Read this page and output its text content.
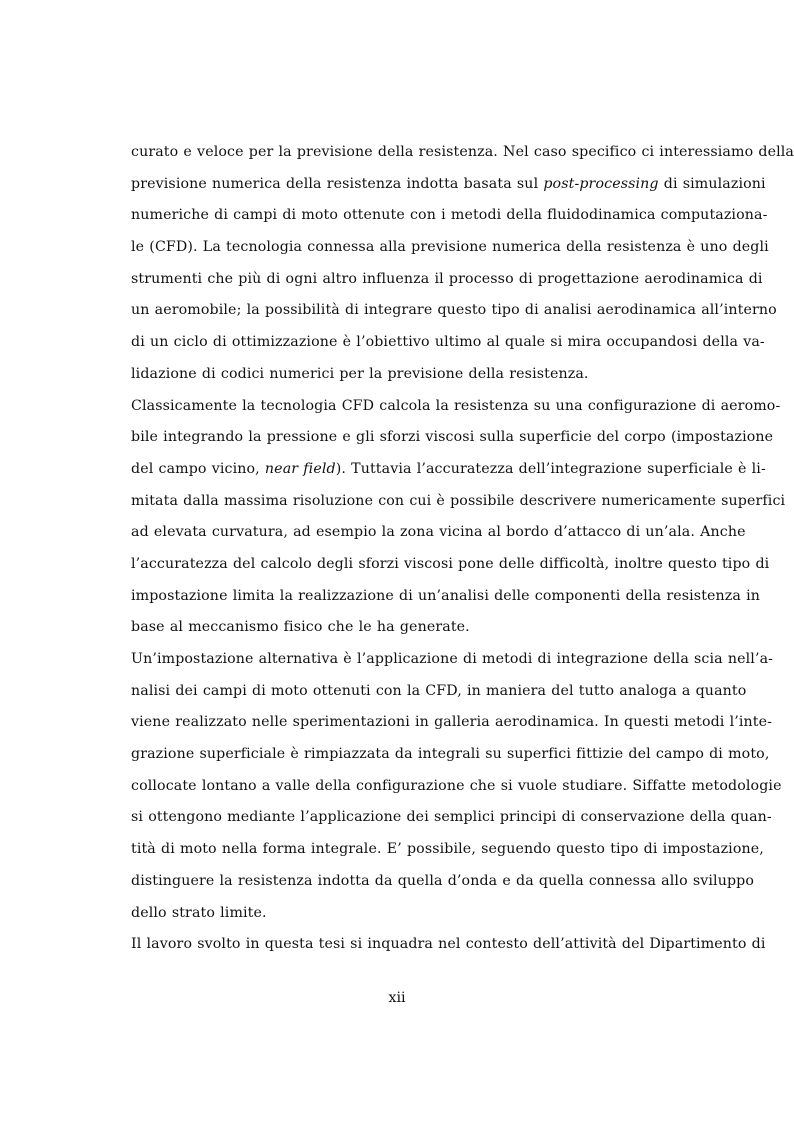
curato e veloce per la previsione della resistenza. Nel caso specifico ci interessiamo della
previsione numerica della resistenza indotta basata sul post-processing di simulazioni
numeriche di campi di moto ottenute con i metodi della fluidodinamica computaziona-
le (CFD). La tecnologia connessa alla previsione numerica della resistenza è uno degli
strumenti che più di ogni altro influenza il processo di progettazione aerodinamica di
un aeromobile; la possibilità di integrare questo tipo di analisi aerodinamica all’interno
di un ciclo di ottimizzazione è l’obiettivo ultimo al quale si mira occupandosi della va-
lidazione di codici numerici per la previsione della resistenza.
Classicamente la tecnologia CFD calcola la resistenza su una configurazione di aeromo-
bile integrando la pressione e gli sforzi viscosi sulla superficie del corpo (impostazione
del campo vicino, near field). Tuttavia l’accuratezza dell’integrazione superficiale è li-
mitata dalla massima risoluzione con cui è possibile descrivere numericamente superfici
ad elevata curvatura, ad esempio la zona vicina al bordo d’attacco di un’ala. Anche
l’accuratezza del calcolo degli sforzi viscosi pone delle difficoltà, inoltre questo tipo di
impostazione limita la realizzazione di un’analisi delle componenti della resistenza in
base al meccanismo fisico che le ha generate.
Un’impostazione alternativa è l’applicazione di metodi di integrazione della scia nell’a-
nalisi dei campi di moto ottenuti con la CFD, in maniera del tutto analoga a quanto
viene realizzato nelle sperimentazioni in galleria aerodinamica. In questi metodi l’inte-
grazione superficiale è rimpiazzata da integrali su superfici fittizie del campo di moto,
collocate lontano a valle della configurazione che si vuole studiare. Siffatte metodologie
si ottengono mediante l’applicazione dei semplici principi di conservazione della quan-
tità di moto nella forma integrale. E’ possibile, seguendo questo tipo di impostazione,
distinguere la resistenza indotta da quella d’onda e da quella connessa allo sviluppo
dello strato limite.
Il lavoro svolto in questa tesi si inquadra nel contesto dell’attività del Dipartimento di
xii
